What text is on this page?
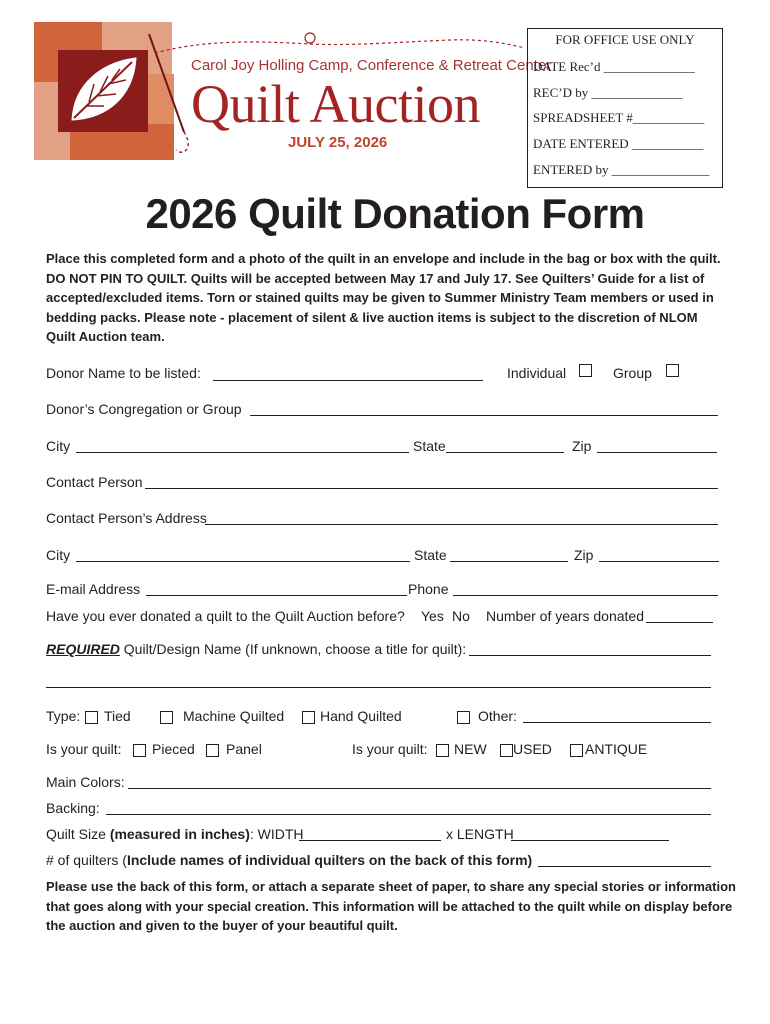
Carol Joy Holling Camp, Conference & Retreat Center
Quilt Auction
JULY 25, 2026
FOR OFFICE USE ONLY
DATE Rec’d ______________
REC’D by ______________
SPREADSHEET #___________
DATE ENTERED ___________
ENTERED by _______________
2026 Quilt Donation Form
Place this completed form and a photo of the quilt in an envelope and include in the bag or box with the quilt. DO NOT PIN TO QUILT. Quilts will be accepted between May 17 and July 17. See Quilters’ Guide for a list of accepted/excluded items. Torn or stained quilts may be given to Summer Ministry Team members or used in bedding packs. Please note - placement of silent & live auction items is subject to the discretion of NLOM Quilt Auction team.
Donor Name to be listed:	Individual	Group
Donor’s Congregation or Group
City	State	Zip
Contact Person
Contact Person’s Address
City	State	Zip
E-mail Address	Phone
Have you ever donated a quilt to the Quilt Auction before? Yes No Number of years donated
REQUIRED Quilt/Design Name (If unknown, choose a title for quilt):
Type: Tied	Machine Quilted	Hand Quilted	Other:
Is your quilt: Pieced Panel	Is your quilt: NEW USED ANTIQUE
Main Colors:
Backing:
Quilt Size (measured in inches): WIDTH	x LENGTH
# of quilters (Include names of individual quilters on the back of this form)
Please use the back of this form, or attach a separate sheet of paper, to share any special stories or information that goes along with your special creation. This information will be attached to the quilt while on display before the auction and given to the buyer of your beautiful quilt.
